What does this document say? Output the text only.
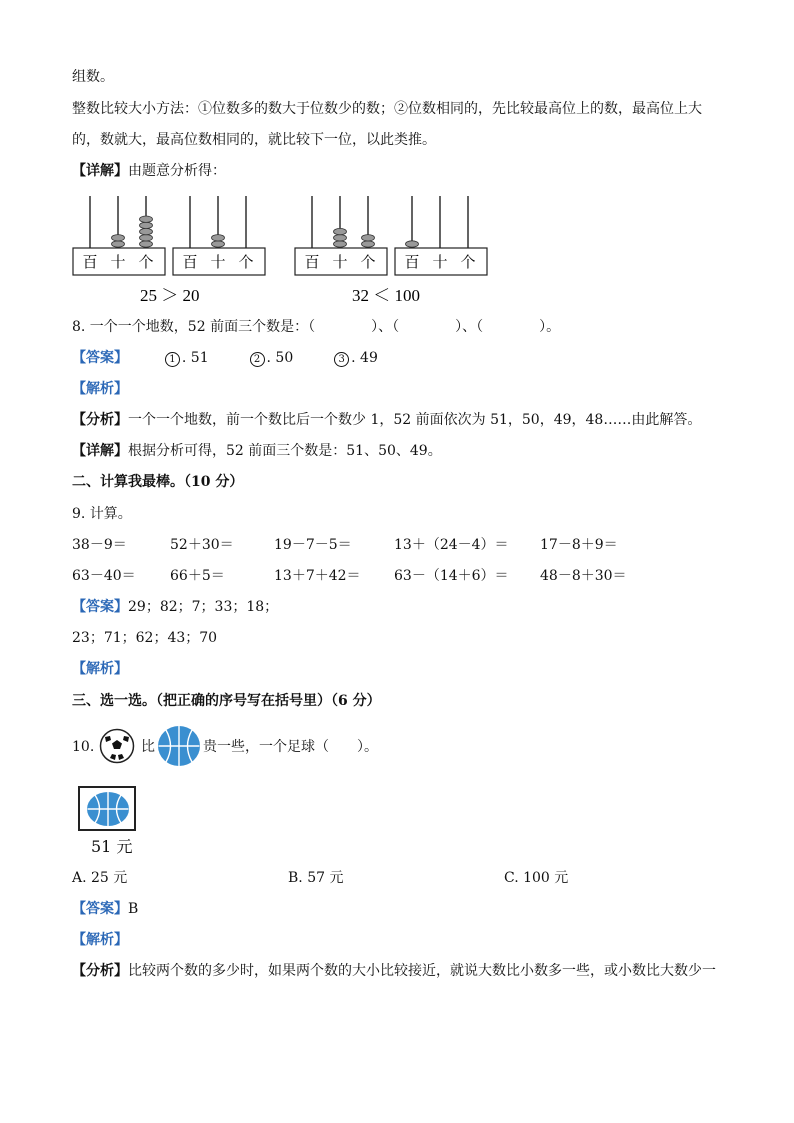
组数。
整数比较大小方法：①位数多的数大于位数少的数；②位数相同的，先比较最高位上的数，最高位上大
的，数就大，最高位数相同的，就比较下一位，以此类推。
【详解】由题意分析得：
百 十 个 百 十 个	百 十 个 百 十 个
25 ＞ 20	32 ＜ 100
8. 一个一个地数，52 前面三个数是：（　　　　）、（　　　　）、（　　　　）。
【答案】	1 . 51	2 . 50	3 . 49
【解析】
【分析】一个一个地数，前一个数比后一个数少 1，52 前面依次为 51，50，49，48……由此解答。
【详解】根据分析可得，52 前面三个数是：51、50、49。
二、计算我最棒。（10 分）
9. 计算。
38－9＝	52＋30＝	19－7－5＝	13＋（24－4）＝ 17－8＋9＝
63－40＝ 66＋5＝	13＋7＋42＝ 63－（14＋6）＝ 48－8＋30＝
【答案】29；82；7；33；18；
23；71；62；43；70
【解析】
三、选一选。（把正确的序号写在括号里）（6 分）
10.	比	贵一些，一个足球（　　）。
51 元
A. 25 元	B. 57 元	C. 100 元
【答案】B
【解析】
【分析】比较两个数的多少时，如果两个数的大小比较接近，就说大数比小数多一些，或小数比大数少一
